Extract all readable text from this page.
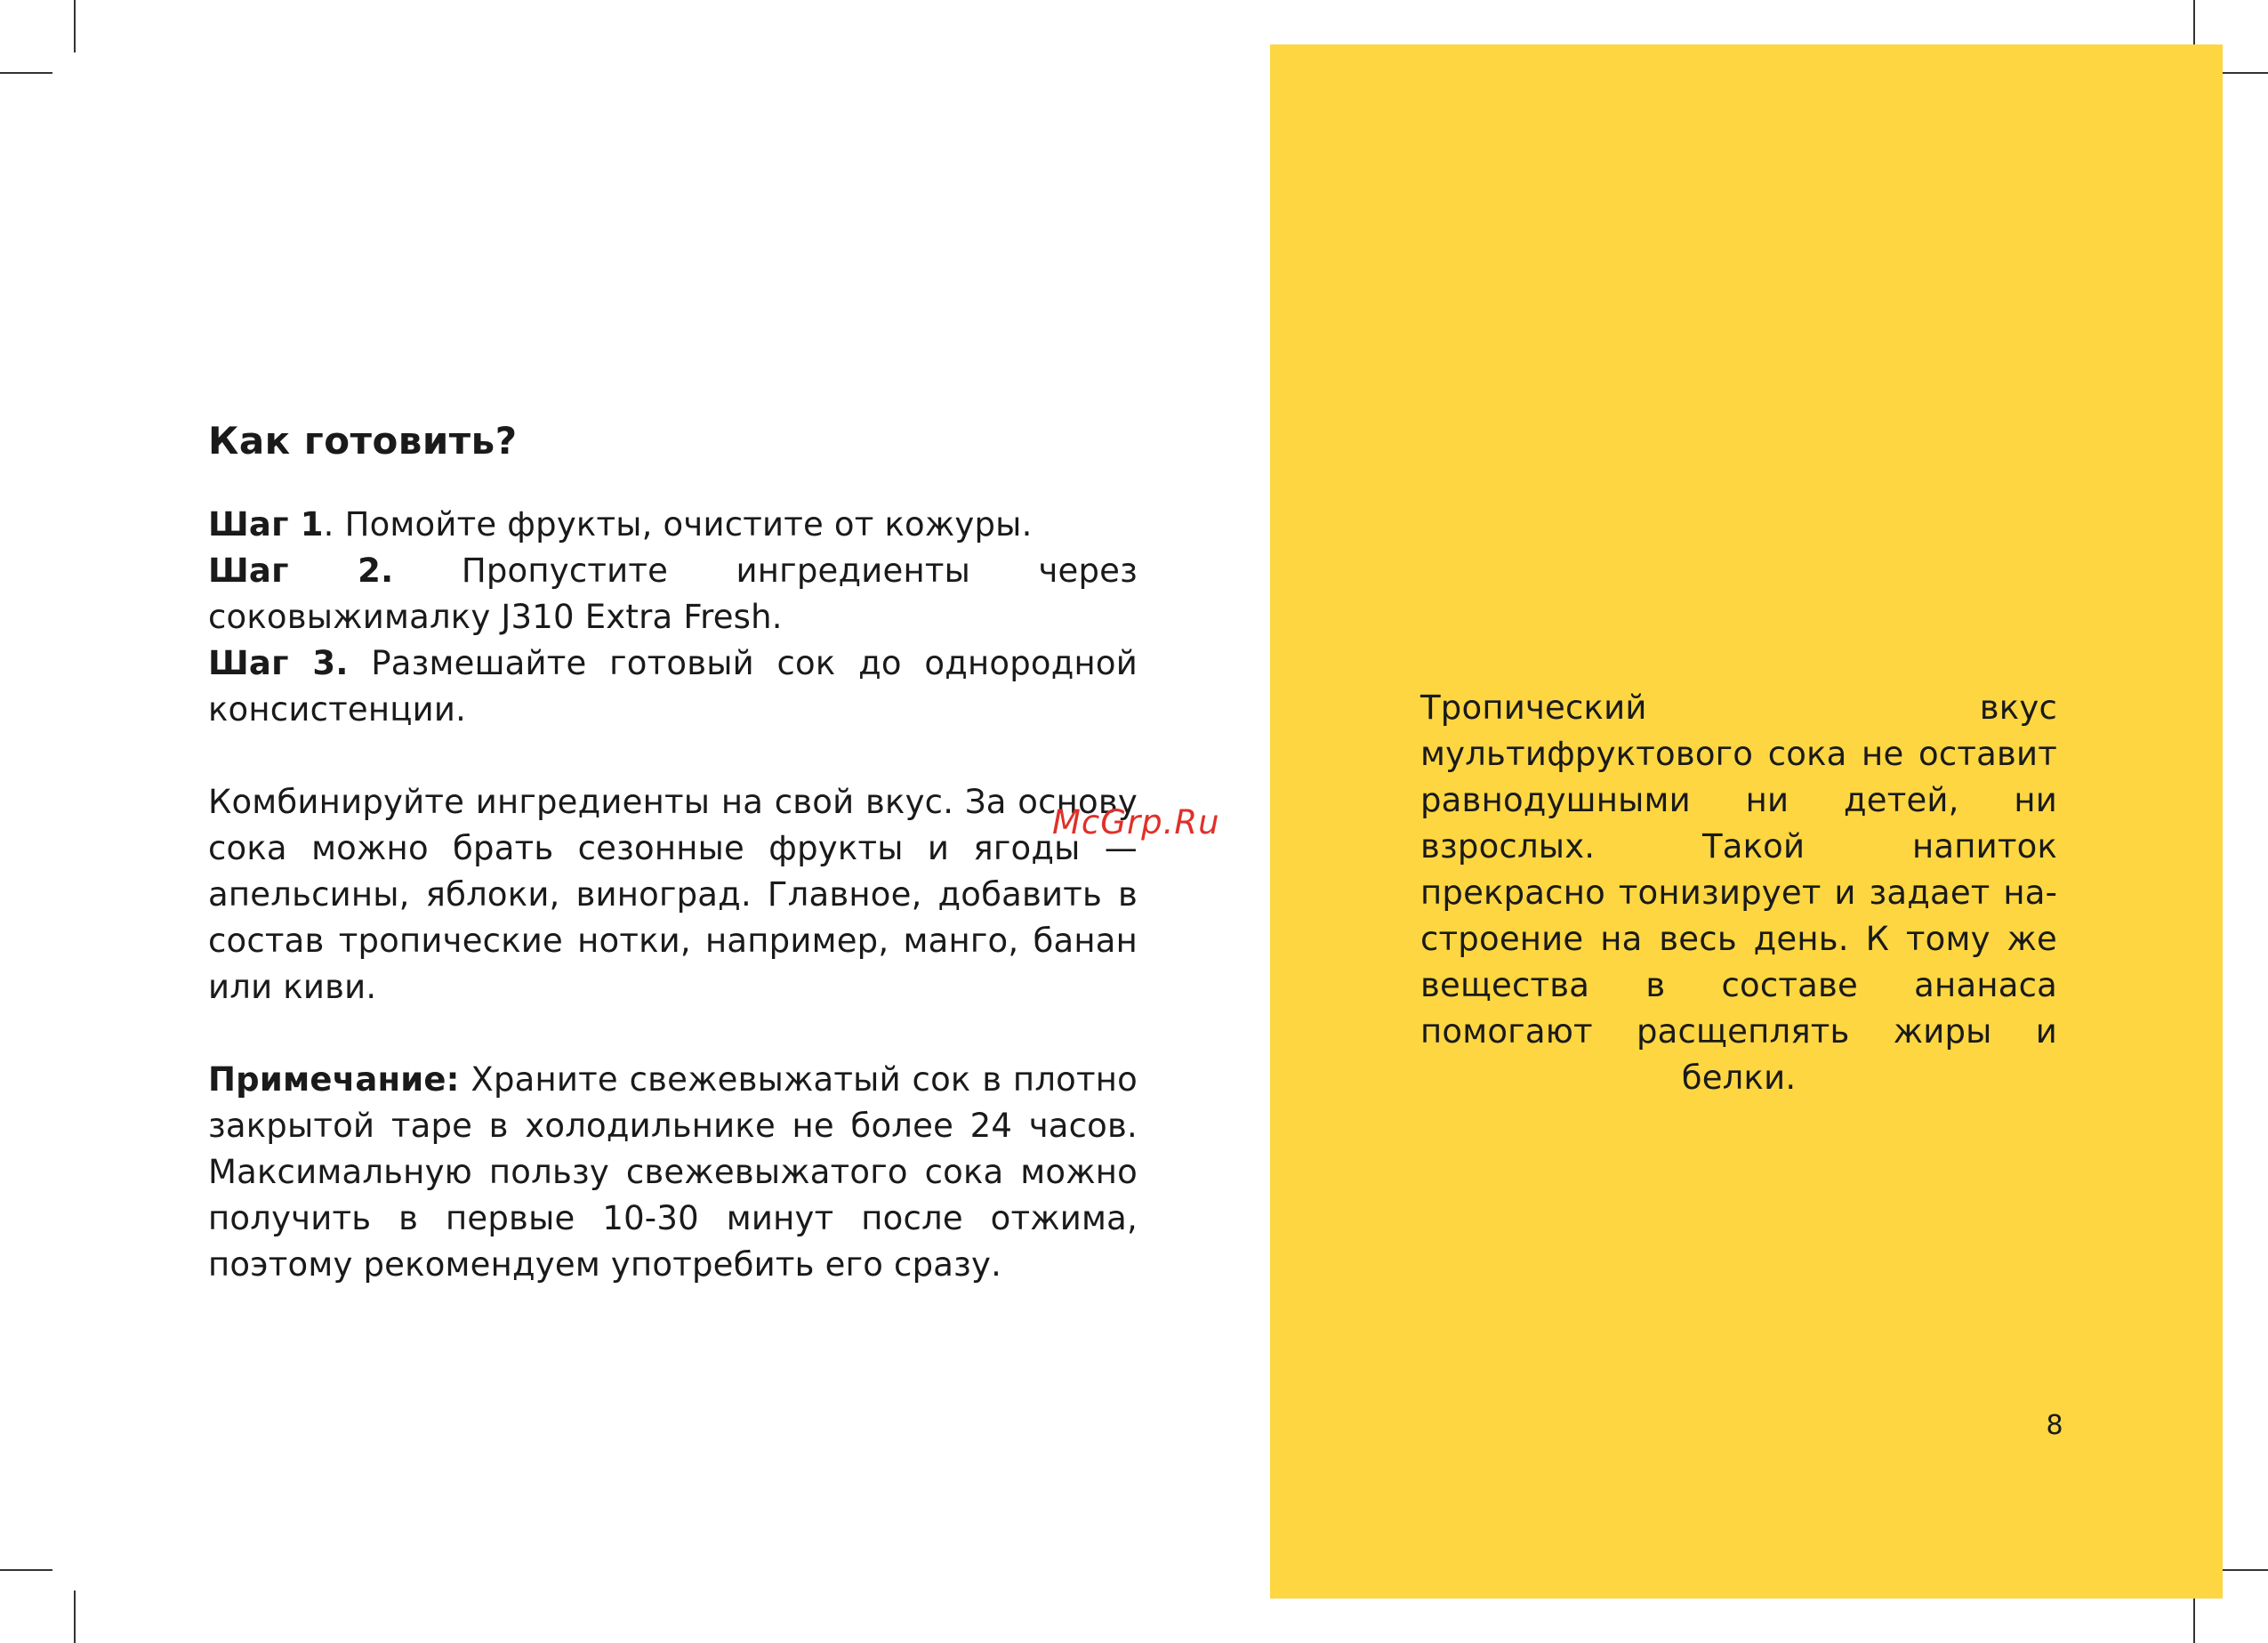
Как готовить?

Шаг 1. Помойте фрукты, очистите от кожуры.
Шаг 2. Пропустите ингредиенты через соковыжималку J310 Extra Fresh.
Шаг 3. Размешайте готовый сок до однородной консистенции.

Комбинируйте ингредиенты на свой вкус. За основу сока можно брать сезонные фрукты и ягоды — апельсины, яблоки, виноград. Главное, добавить в состав тропические нотки, например, манго, банан или киви.

Примечание: Храните свежевыжатый сок в плотно закрытой таре в холодильнике не более 24 часов. Максимальную пользу свежевыжатого сока можно получить в первые 10-30 минут после отжима, поэтому рекомендуем употребить его сразу.

Тропический вкус мультифруктового сока не оставит равнодушными ни детей, ни взрослых. Такой напиток прекрасно тонизирует и задает настроение на весь день. К тому же вещества в составе ананаса помогают расщеплять жиры и белки.

8
McGrp.Ru
